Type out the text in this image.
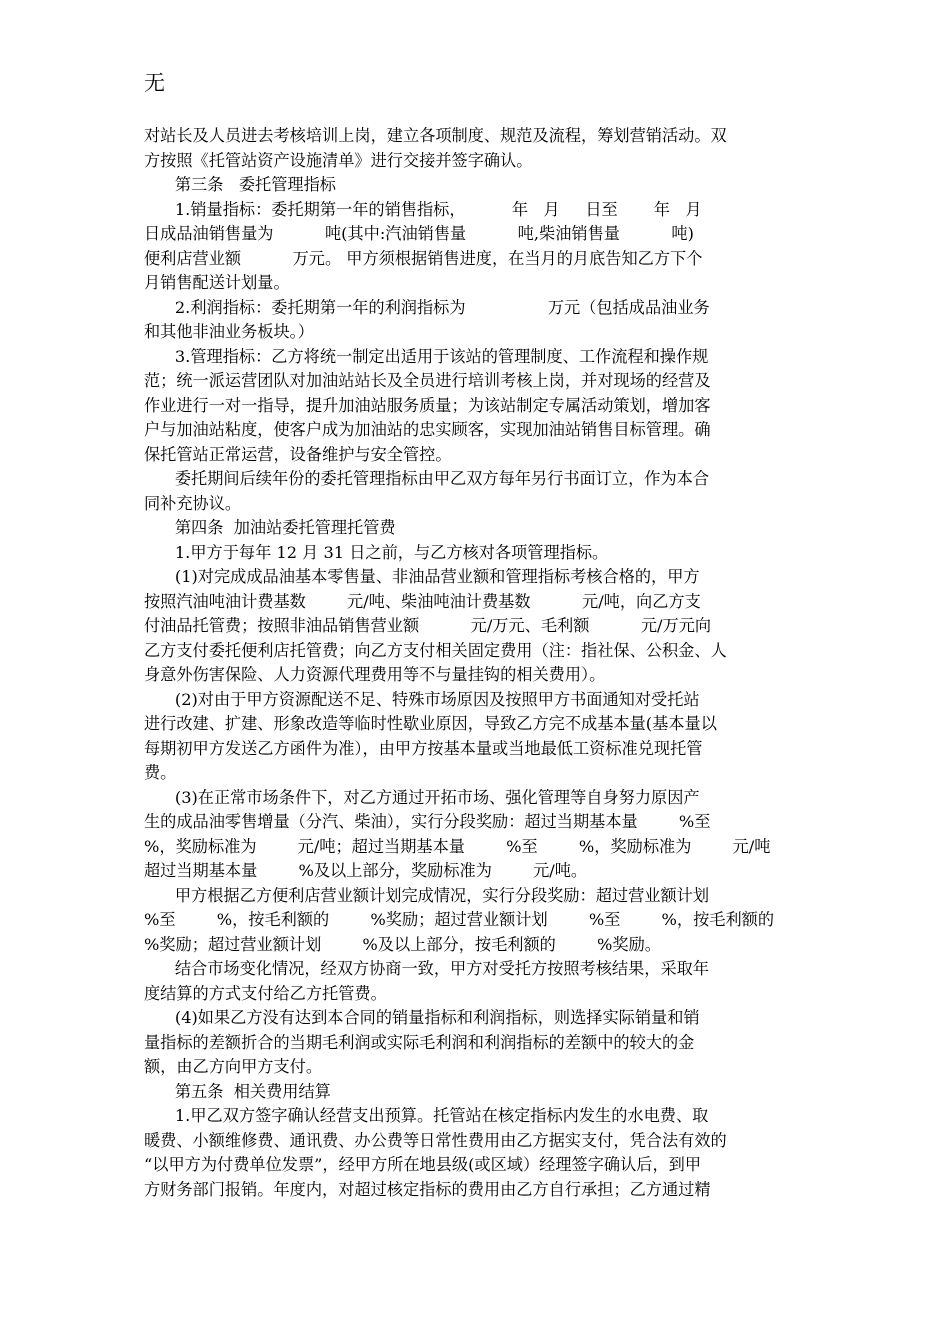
无
对站长及人员进去考核培训上岗，建立各项制度、规范及流程，筹划营销活动。双
方按照《托管站资产设施清单》进行交接并签字确认。
第三条   委托管理指标
1.销量指标：委托期第一年的销售指标，         年   月     日至       年   月
日成品油销售量为          吨(其中:汽油销售量          吨,柴油销售量          吨)
便利店营业额          万元。 甲方须根据销售进度，在当月的月底告知乙方下个
月销售配送计划量。
2.利润指标：委托期第一年的利润指标为                万元（包括成品油业务
和其他非油业务板块。）
3.管理指标：乙方将统一制定出适用于该站的管理制度、工作流程和操作规
范；统一派运营团队对加油站站长及全员进行培训考核上岗，并对现场的经营及
作业进行一对一指导，提升加油站服务质量；为该站制定专属活动策划，增加客
户与加油站粘度，使客户成为加油站的忠实顾客，实现加油站销售目标管理。确
保托管站正常运营，设备维护与安全管控。
委托期间后续年份的委托管理指标由甲乙双方每年另行书面订立，作为本合
同补充协议。
第四条  加油站委托管理托管费
1.甲方于每年 12 月 31 日之前，与乙方核对各项管理指标。
(1)对完成成品油基本零售量、非油品营业额和管理指标考核合格的，甲方
按照汽油吨油计费基数        元/吨、柴油吨油计费基数          元/吨，向乙方支
付油品托管费；按照非油品销售营业额          元/万元、毛利额          元/万元向
乙方支付委托便利店托管费；向乙方支付相关固定费用（注：指社保、公积金、人
身意外伤害保险、人力资源代理费用等不与量挂钩的相关费用）。
(2)对由于甲方资源配送不足、特殊市场原因及按照甲方书面通知对受托站
进行改建、扩建、形象改造等临时性歇业原因，导致乙方完不成基本量(基本量以
每期初甲方发送乙方函件为准），由甲方按基本量或当地最低工资标准兑现托管
费。
(3)在正常市场条件下，对乙方通过开拓市场、强化管理等自身努力原因产
生的成品油零售增量（分汽、柴油），实行分段奖励：超过当期基本量        %至
%，奖励标准为        元/吨；超过当期基本量        %至        %，奖励标准为        元/吨
超过当期基本量        %及以上部分，奖励标准为        元/吨。
甲方根据乙方便利店营业额计划完成情况，实行分段奖励：超过营业额计划
%至        %，按毛利额的        %奖励；超过营业额计划        %至        %，按毛利额的
%奖励；超过营业额计划        %及以上部分，按毛利额的        %奖励。
结合市场变化情况，经双方协商一致，甲方对受托方按照考核结果，采取年
度结算的方式支付给乙方托管费。
(4)如果乙方没有达到本合同的销量指标和利润指标，则选择实际销量和销
量指标的差额折合的当期毛利润或实际毛利润和利润指标的差额中的较大的金
额，由乙方向甲方支付。
第五条  相关费用结算
1.甲乙双方签字确认经营支出预算。托管站在核定指标内发生的水电费、取
暖费、小额维修费、通讯费、办公费等日常性费用由乙方据实支付，凭合法有效的
“以甲方为付费单位发票”，经甲方所在地县级(或区域）经理签字确认后，到甲
方财务部门报销。年度内，对超过核定指标的费用由乙方自行承担；乙方通过精
